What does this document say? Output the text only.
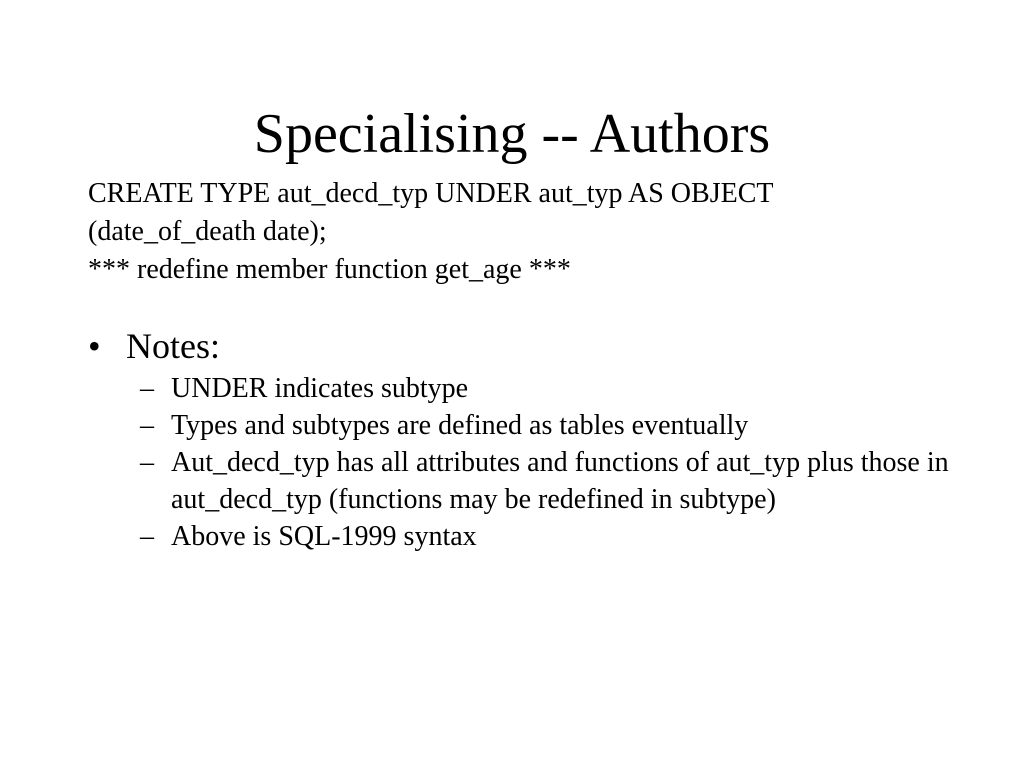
Specialising -- Authors
CREATE TYPE aut_decd_typ UNDER aut_typ AS OBJECT
(date_of_death date);
*** redefine member function get_age ***
• Notes:
– UNDER indicates subtype
– Types and subtypes are defined as tables eventually
– Aut_decd_typ has all attributes and functions of aut_typ plus those in aut_decd_typ (functions may be redefined in subtype)
– Above is SQL-1999 syntax
